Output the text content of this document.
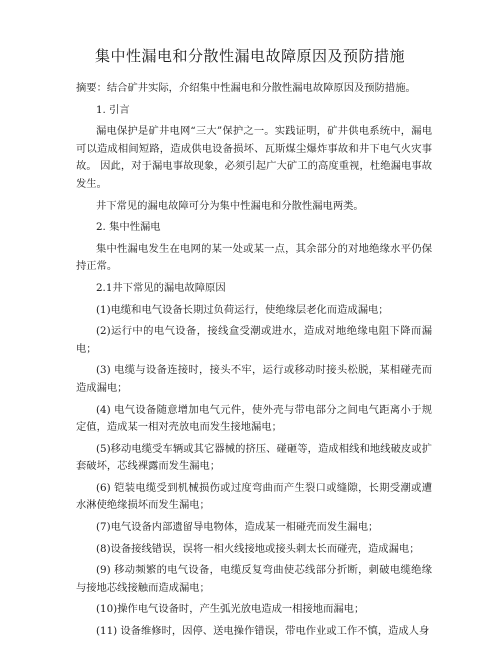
集中性漏电和分散性漏电故障原因及预防措施

摘要：结合矿井实际，介绍集中性漏电和分散性漏电故障原因及预防措施。

1. 引言

漏电保护是矿井电网“三大”保护之一。实践证明，矿井供电系统中，漏电可以造成相间短路，造成供电设备损坏、瓦斯煤尘爆炸事故和井下电气火灾事故。 因此，对于漏电事故现象，必须引起广大矿工的高度重视，杜绝漏电事故发生。

井下常见的漏电故障可分为集中性漏电和分散性漏电两类。

2. 集中性漏电

集中性漏电发生在电网的某一处或某一点，其余部分的对地绝缘水平仍保持正常。

2.1井下常见的漏电故障原因

(1)电缆和电气设备长期过负荷运行，使绝缘层老化而造成漏电；

(2)运行中的电气设备，接线盒受潮或进水，造成对地绝缘电阻下降而漏电；

(3) 电缆与设备连接时，接头不牢，运行或移动时接头松脱，某相碰壳而造成漏电；

(4) 电气设备随意增加电气元件，使外壳与带电部分之间电气距离小于规定值，造成某一相对壳放电而发生接地漏电；

(5)移动电缆受车辆或其它器械的挤压、碰砸等，造成相线和地线破皮或扩套破坏，芯线裸露而发生漏电；

(6) 铠装电缆受到机械损伤或过度弯曲而产生裂口或缝隙，长期受潮或遭水淋使绝缘损坏而发生漏电；

(7)电气设备内部遗留导电物体，造成某一相碰壳而发生漏电；

(8)设备接线错误，误将一相火线接地或接头刺太长而碰壳，造成漏电；

(9) 移动频繁的电气设备，电缆反复弯曲使芯线部分折断，刺破电缆绝缘与接地芯线接触而造成漏电；

(10)操作电气设备时，产生弧光放电造成一相接地而漏电；

(11) 设备维修时，因停、送电操作错误，带电作业或工作不慎，造成人身
